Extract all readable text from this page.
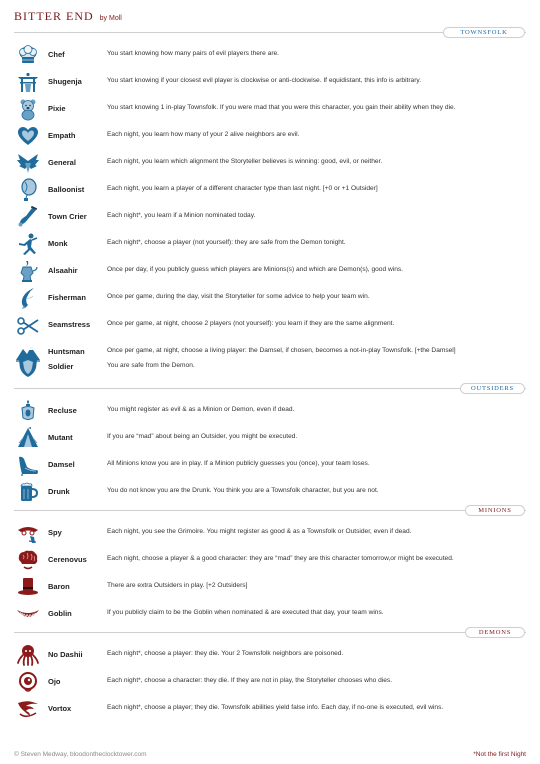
BITTER END by Moll
TOWNSFOLK
OUTSIDERS
MINIONS
DEMONS
Chef	You start knowing how many pairs of evil players there are.
Shugenja	You start knowing if your closest evil player is clockwise or anti-clockwise. If equidistant, this info is arbitrary.
Pixie	You start knowing 1 in-play Townsfolk. If you were mad that you were this character, you gain their ability when they die.
Empath	Each night, you learn how many of your 2 alive neighbors are evil.
General	Each night, you learn which alignment the Storyteller believes is winning: good, evil, or neither.
Balloonist	Each night, you learn a player of a different character type than last night. [+0 or +1 Outsider]
Town Crier	Each night*, you learn if a Minion nominated today.
Monk	Each night*, choose a player (not yourself): they are safe from the Demon tonight.
Alsaahir	Once per day, if you publicly guess which players are Minions(s) and which are Demon(s), good wins.
Fisherman	Once per game, during the day, visit the Storyteller for some advice to help your team win.
Seamstress	Once per game, at night, choose 2 players (not yourself): you learn if they are the same alignment.
Huntsman	Once per game, at night, choose a living player: the Damsel, if chosen, becomes a not-in-play Townsfolk. [+the Damsel]
Soldier	You are safe from the Demon.
Recluse	You might register as evil & as a Minion or Demon, even if dead.
Mutant	If you are “mad” about being an Outsider, you might be executed.
Damsel	All Minions know you are in play. If a Minion publicly guesses you (once), your team loses.
Drunk	You do not know you are the Drunk. You think you are a Townsfolk character, but you are not.
Spy	Each night, you see the Grimoire. You might register as good & as a Townsfolk or Outsider, even if dead.
Cerenovus	Each night, choose a player & a good character: they are “mad” they are this character tomorrow,or might be executed.
Baron	There are extra Outsiders in play. [+2 Outsiders]
Goblin	If you publicly claim to be the Goblin when nominated & are executed that day, your team wins.
No Dashii	Each night*, choose a player: they die. Your 2 Townsfolk neighbors are poisoned.
Ojo	Each night*, choose a character: they die. If they are not in play, the Storyteller chooses who dies.
Vortox	Each night*, choose a player; they die. Townsfolk abilities yield false info. Each day, if no-one is executed, evil wins.
© Steven Medway, bloodontheclocktower.com	*Not the first Night
